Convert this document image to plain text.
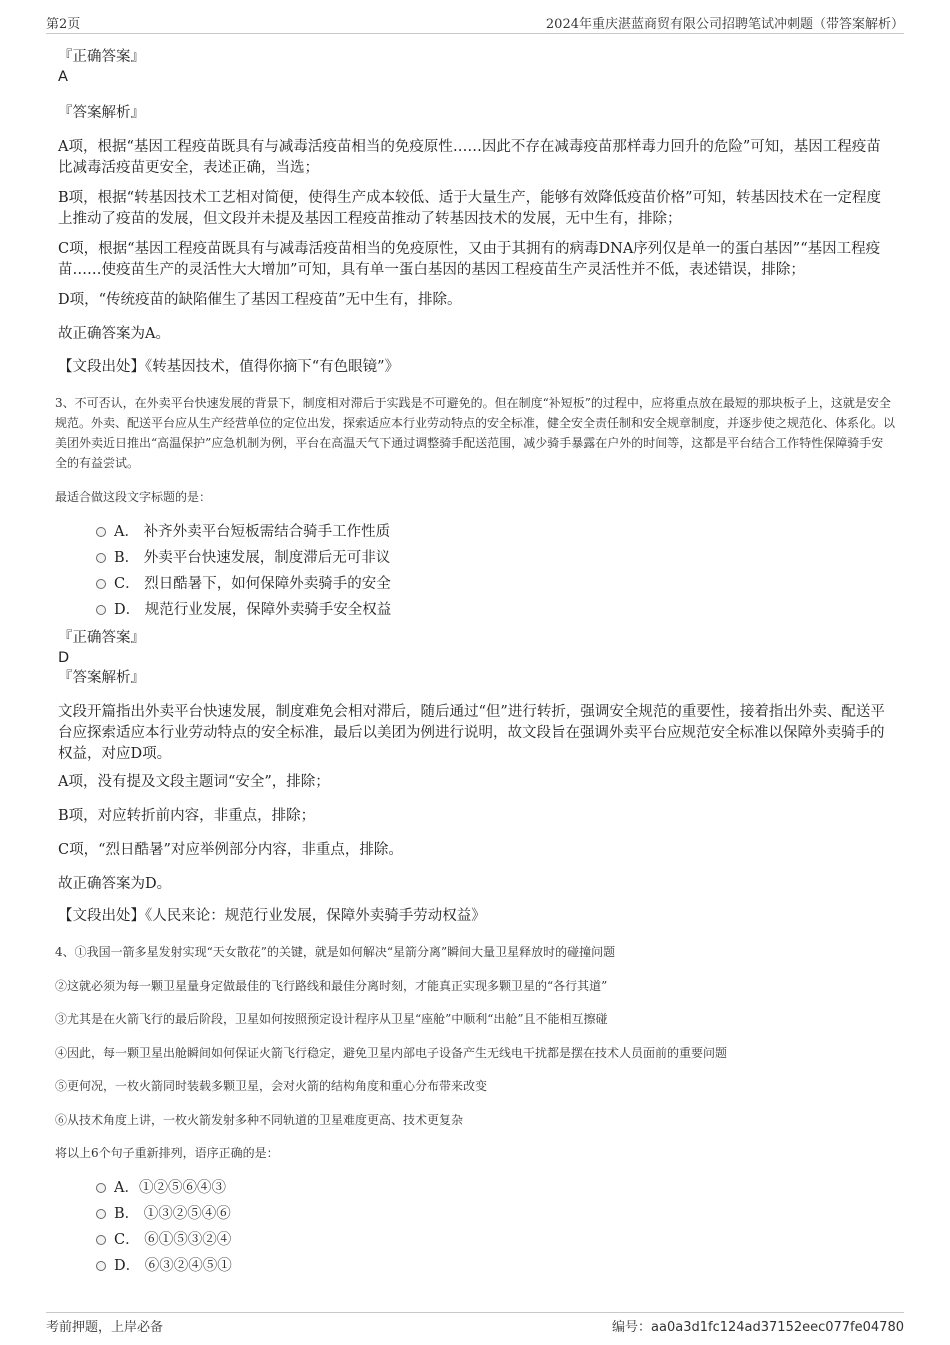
第2页	2024年重庆湛蓝商贸有限公司招聘笔试冲刺题（带答案解析）
『正确答案』
A
『答案解析』
A项，根据“基因工程疫苗既具有与减毒活疫苗相当的免疫原性……因此不存在减毒疫苗那样毒力回升的危险”可知，基因工程疫苗比减毒活疫苗更安全，表述正确，当选；
B项，根据“转基因技术工艺相对简便，使得生产成本较低、适于大量生产，能够有效降低疫苗价格”可知，转基因技术在一定程度上推动了疫苗的发展，但文段并未提及基因工程疫苗推动了转基因技术的发展，无中生有，排除；
C项，根据“基因工程疫苗既具有与减毒活疫苗相当的免疫原性，又由于其拥有的病毒DNA序列仅是单一的蛋白基因”“基因工程疫苗……使疫苗生产的灵活性大大增加”可知，具有单一蛋白基因的基因工程疫苗生产灵活性并不低，表述错误，排除；
D项，“传统疫苗的缺陷催生了基因工程疫苗”无中生有，排除。
故正确答案为A。
【文段出处】《转基因技术，值得你摘下“有色眼镜”》
3、不可否认，在外卖平台快速发展的背景下，制度相对滞后于实践是不可避免的。但在制度“补短板”的过程中，应将重点放在最短的那块板子上，这就是安全规范。外卖、配送平台应从生产经营单位的定位出发，探索适应本行业劳动特点的安全标准，健全安全责任制和安全规章制度，并逐步使之规范化、体系化。以美团外卖近日推出“高温保护”应急机制为例，平台在高温天气下通过调整骑手配送范围，减少骑手暴露在户外的时间等，这都是平台结合工作特性保障骑手安全的有益尝试。
最适合做这段文字标题的是：
A． 补齐外卖平台短板需结合骑手工作性质
B． 外卖平台快速发展，制度滞后无可非议
C． 烈日酷暑下，如何保障外卖骑手的安全
D． 规范行业发展，保障外卖骑手安全权益
『正确答案』
D
『答案解析』
文段开篇指出外卖平台快速发展，制度难免会相对滞后，随后通过“但”进行转折，强调安全规范的重要性，接着指出外卖、配送平台应探索适应本行业劳动特点的安全标准，最后以美团为例进行说明，故文段旨在强调外卖平台应规范安全标准以保障外卖骑手的权益，对应D项。
A项，没有提及文段主题词“安全”，排除；
B项，对应转折前内容，非重点，排除；
C项，“烈日酷暑”对应举例部分内容，非重点，排除。
故正确答案为D。
【文段出处】《人民来论：规范行业发展，保障外卖骑手劳动权益》
4、①我国一箭多星发射实现“天女散花”的关键，就是如何解决“星箭分离”瞬间大量卫星释放时的碰撞问题
②这就必须为每一颗卫星量身定做最佳的飞行路线和最佳分离时刻，才能真正实现多颗卫星的“各行其道”
③尤其是在火箭飞行的最后阶段，卫星如何按照预定设计程序从卫星“座舱”中顺利“出舱”且不能相互擦碰
④因此，每一颗卫星出舱瞬间如何保证火箭飞行稳定，避免卫星内部电子设备产生无线电干扰都是摆在技术人员面前的重要问题
⑤更何况，一枚火箭同时装载多颗卫星，会对火箭的结构角度和重心分布带来改变
⑥从技术角度上讲，一枚火箭发射多种不同轨道的卫星难度更高、技术更复杂
将以上6个句子重新排列，语序正确的是：
A．①②⑤⑥④③
B． ①③②⑤④⑥
C． ⑥①⑤③②④
D． ⑥③②④⑤①
考前押题，上岸必备	编号：aa0a3d1fc124ad37152eec077fe04780
